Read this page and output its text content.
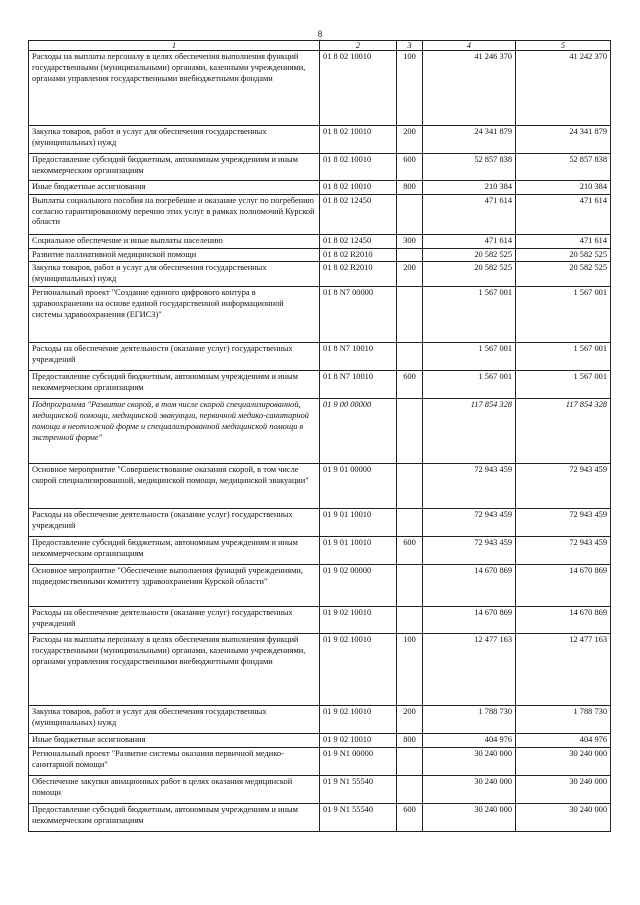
8
1	2	3	4	5
Расходы на выплаты персоналу в целях обеспечения выполнения функций государственными (муниципальными) органами, казенными учреждениями, органами управления государственными внебюджетными фондами	01 8 02 10010	100	41 246 370	41 242 370
Закупка товаров, работ и услуг для обеспечения государственных (муниципальных) нужд	01 8 02 10010	200	24 341 879	24 341 879
Предоставление субсидий бюджетным, автономным учреждениям и иным некоммерческим организациям	01 8 02 10010	600	52 857 838	52 857 838
Иные бюджетные ассигнования	01 8 02 10010	800	210 384	210 384
Выплаты социального пособия на погребение и оказание услуг по погребению согласно гарантированному перечню этих услуг в рамках полномочий Курской области	01 8 02 12450		471 614	471 614
Социальное обеспечение и иные выплаты населению	01 8 02 12450	300	471 614	471 614
Развитие паллиативной медицинской помощи	01 8 02 R2010		20 582 525	20 582 525
Закупка товаров, работ и услуг для обеспечения государственных (муниципальных) нужд	01 8 02 R2010	200	20 582 525	20 582 525
Региональный проект "Создание единого цифрового контура в здравоохранении на основе единой государственной информационной системы здравоохранения (ЕГИСЗ)"	01 8 N7 00000		1 567 001	1 567 001
Расходы на обеспечение деятельности (оказание услуг) государственных учреждений	01 8 N7 10010		1 567 001	1 567 001
Предоставление субсидий бюджетным, автономным учреждениям и иным некоммерческим организациям	01 8 N7 10010	600	1 567 001	1 567 001
Подпрограмма "Развитие скорой, в том числе скорой специализированной, медицинской помощи, медицинской эвакуации, первичной медико-санитарной помощи в неотложной форме и специализированной медицинской помощи в экстренной форме"	01 9 00 00000		117 854 328	117 854 328
Основное мероприятие "Совершенствование оказания скорой, в том числе скорой специализированной, медицинской помощи, медицинской эвакуации"	01 9 01 00000		72 943 459	72 943 459
Расходы на обеспечение деятельности (оказание услуг) государственных учреждений	01 9 01 10010		72 943 459	72 943 459
Предоставление субсидий бюджетным, автономным учреждениям и иным некоммерческим организациям	01 9 01 10010	600	72 943 459	72 943 459
Основное мероприятие "Обеспечение выполнения функций учреждениями, подведомственными комитету здравоохранения Курской области"	01 9 02 00000		14 670 869	14 670 869
Расходы на обеспечение деятельности (оказание услуг) государственных учреждений	01 9 02 10010		14 670 869	14 670 869
Расходы на выплаты персоналу в целях обеспечения выполнения функций государственными (муниципальными) органами, казенными учреждениями, органами управления государственными внебюджетными фондами	01 9 02 10010	100	12 477 163	12 477 163
Закупка товаров, работ и услуг для обеспечения государственных (муниципальных) нужд	01 9 02 10010	200	1 788 730	1 788 730
Иные бюджетные ассигнования	01 9 02 10010	800	404 976	404 976
Региональный проект "Развитие системы оказания первичной медико-санитарной помощи"	01 9 N1 00000		30 240 000	30 240 000
Обеспечение закупки авиационных работ в целях оказания медицинской помощи	01 9 N1 55540		30 240 000	30 240 000
Предоставление субсидий бюджетным, автономным учреждениям и иным некоммерческим организациям	01 9 N1 55540	600	30 240 000	30 240 000
